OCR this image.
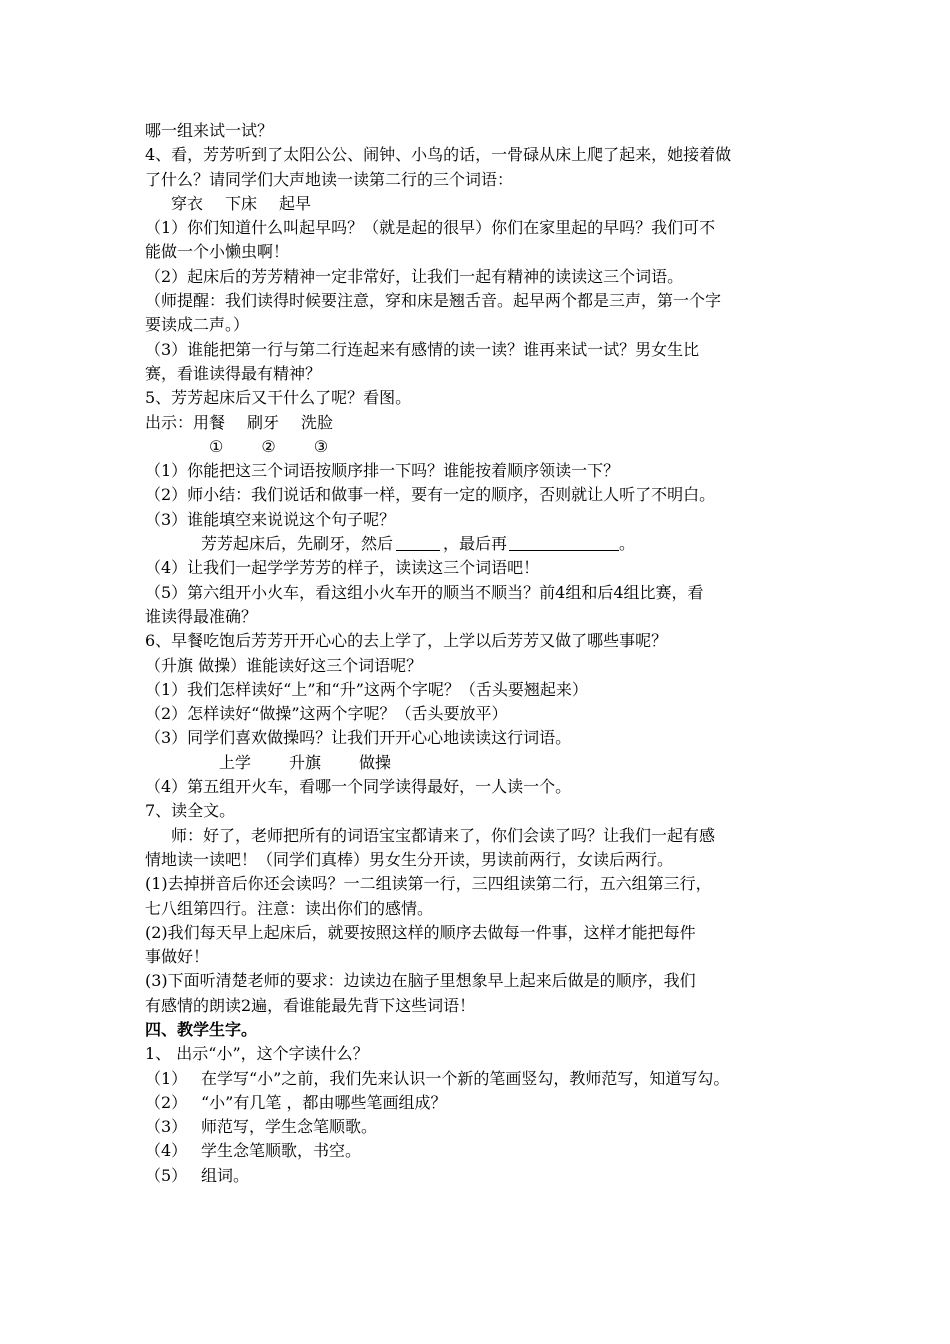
哪一组来试一试？
4、看，芳芳听到了太阳公公、闹钟、小鸟的话，一骨碌从床上爬了起来，她接着做
了什么？请同学们大声地读一读第二行的三个词语：
穿衣 下床 起早
（1）你们知道什么叫起早吗？（就是起的很早）你们在家里起的早吗？我们可不
能做一个小懒虫啊！
（2）起床后的芳芳精神一定非常好，让我们一起有精神的读读这三个词语。
（师提醒：我们读得时候要注意，穿和床是翘舌音。起早两个都是三声，第一个字
要读成二声。）
（3）谁能把第一行与第二行连起来有感情的读一读？谁再来试一试？男女生比
赛，看谁读得最有精神？
5、芳芳起床后又干什么了呢？看图。
出示：用餐 刷牙 洗脸
① ② ③
（1）你能把这三个词语按顺序排一下吗？谁能按着顺序领读一下？
（2）师小结：我们说话和做事一样，要有一定的顺序，否则就让人听了不明白。
（3）谁能填空来说说这个句子呢？
芳芳起床后，先刷牙，然后	，最后再	。
（4）让我们一起学学芳芳的样子，读读这三个词语吧！
（5）第六组开小火车，看这组小火车开的顺当不顺当？前4组和后4组比赛，看
谁读得最准确？
6、早餐吃饱后芳芳开开心心的去上学了，上学以后芳芳又做了哪些事呢？
（升旗 做操）谁能读好这三个词语呢？
（1）我们怎样读好“上”和“升”这两个字呢？（舌头要翘起来）
（2）怎样读好“做操”这两个字呢？（舌头要放平）
（3）同学们喜欢做操吗？让我们开开心心地读读这行词语。
上学 升旗 做操
（4）第五组开火车，看哪一个同学读得最好，一人读一个。
7、读全文。
师：好了，老师把所有的词语宝宝都请来了，你们会读了吗？让我们一起有感
情地读一读吧！（同学们真棒）男女生分开读，男读前两行，女读后两行。
(1)去掉拼音后你还会读吗？一二组读第一行，三四组读第二行，五六组第三行，
七八组第四行。注意：读出你们的感情。
(2)我们每天早上起床后，就要按照这样的顺序去做每一件事，这样才能把每件
事做好！
(3)下面听清楚老师的要求：边读边在脑子里想象早上起来后做是的顺序，我们
有感情的朗读2遍，看谁能最先背下这些词语！
四、教学生字。
1、 出示“小”，这个字读什么？
（1） 在学写“小”之前，我们先来认识一个新的笔画竖勾，教师范写，知道写勾。
（2） “小”有几笔 ，都由哪些笔画组成？
（3） 师范写，学生念笔顺歌。
（4） 学生念笔顺歌，书空。
（5） 组词。
